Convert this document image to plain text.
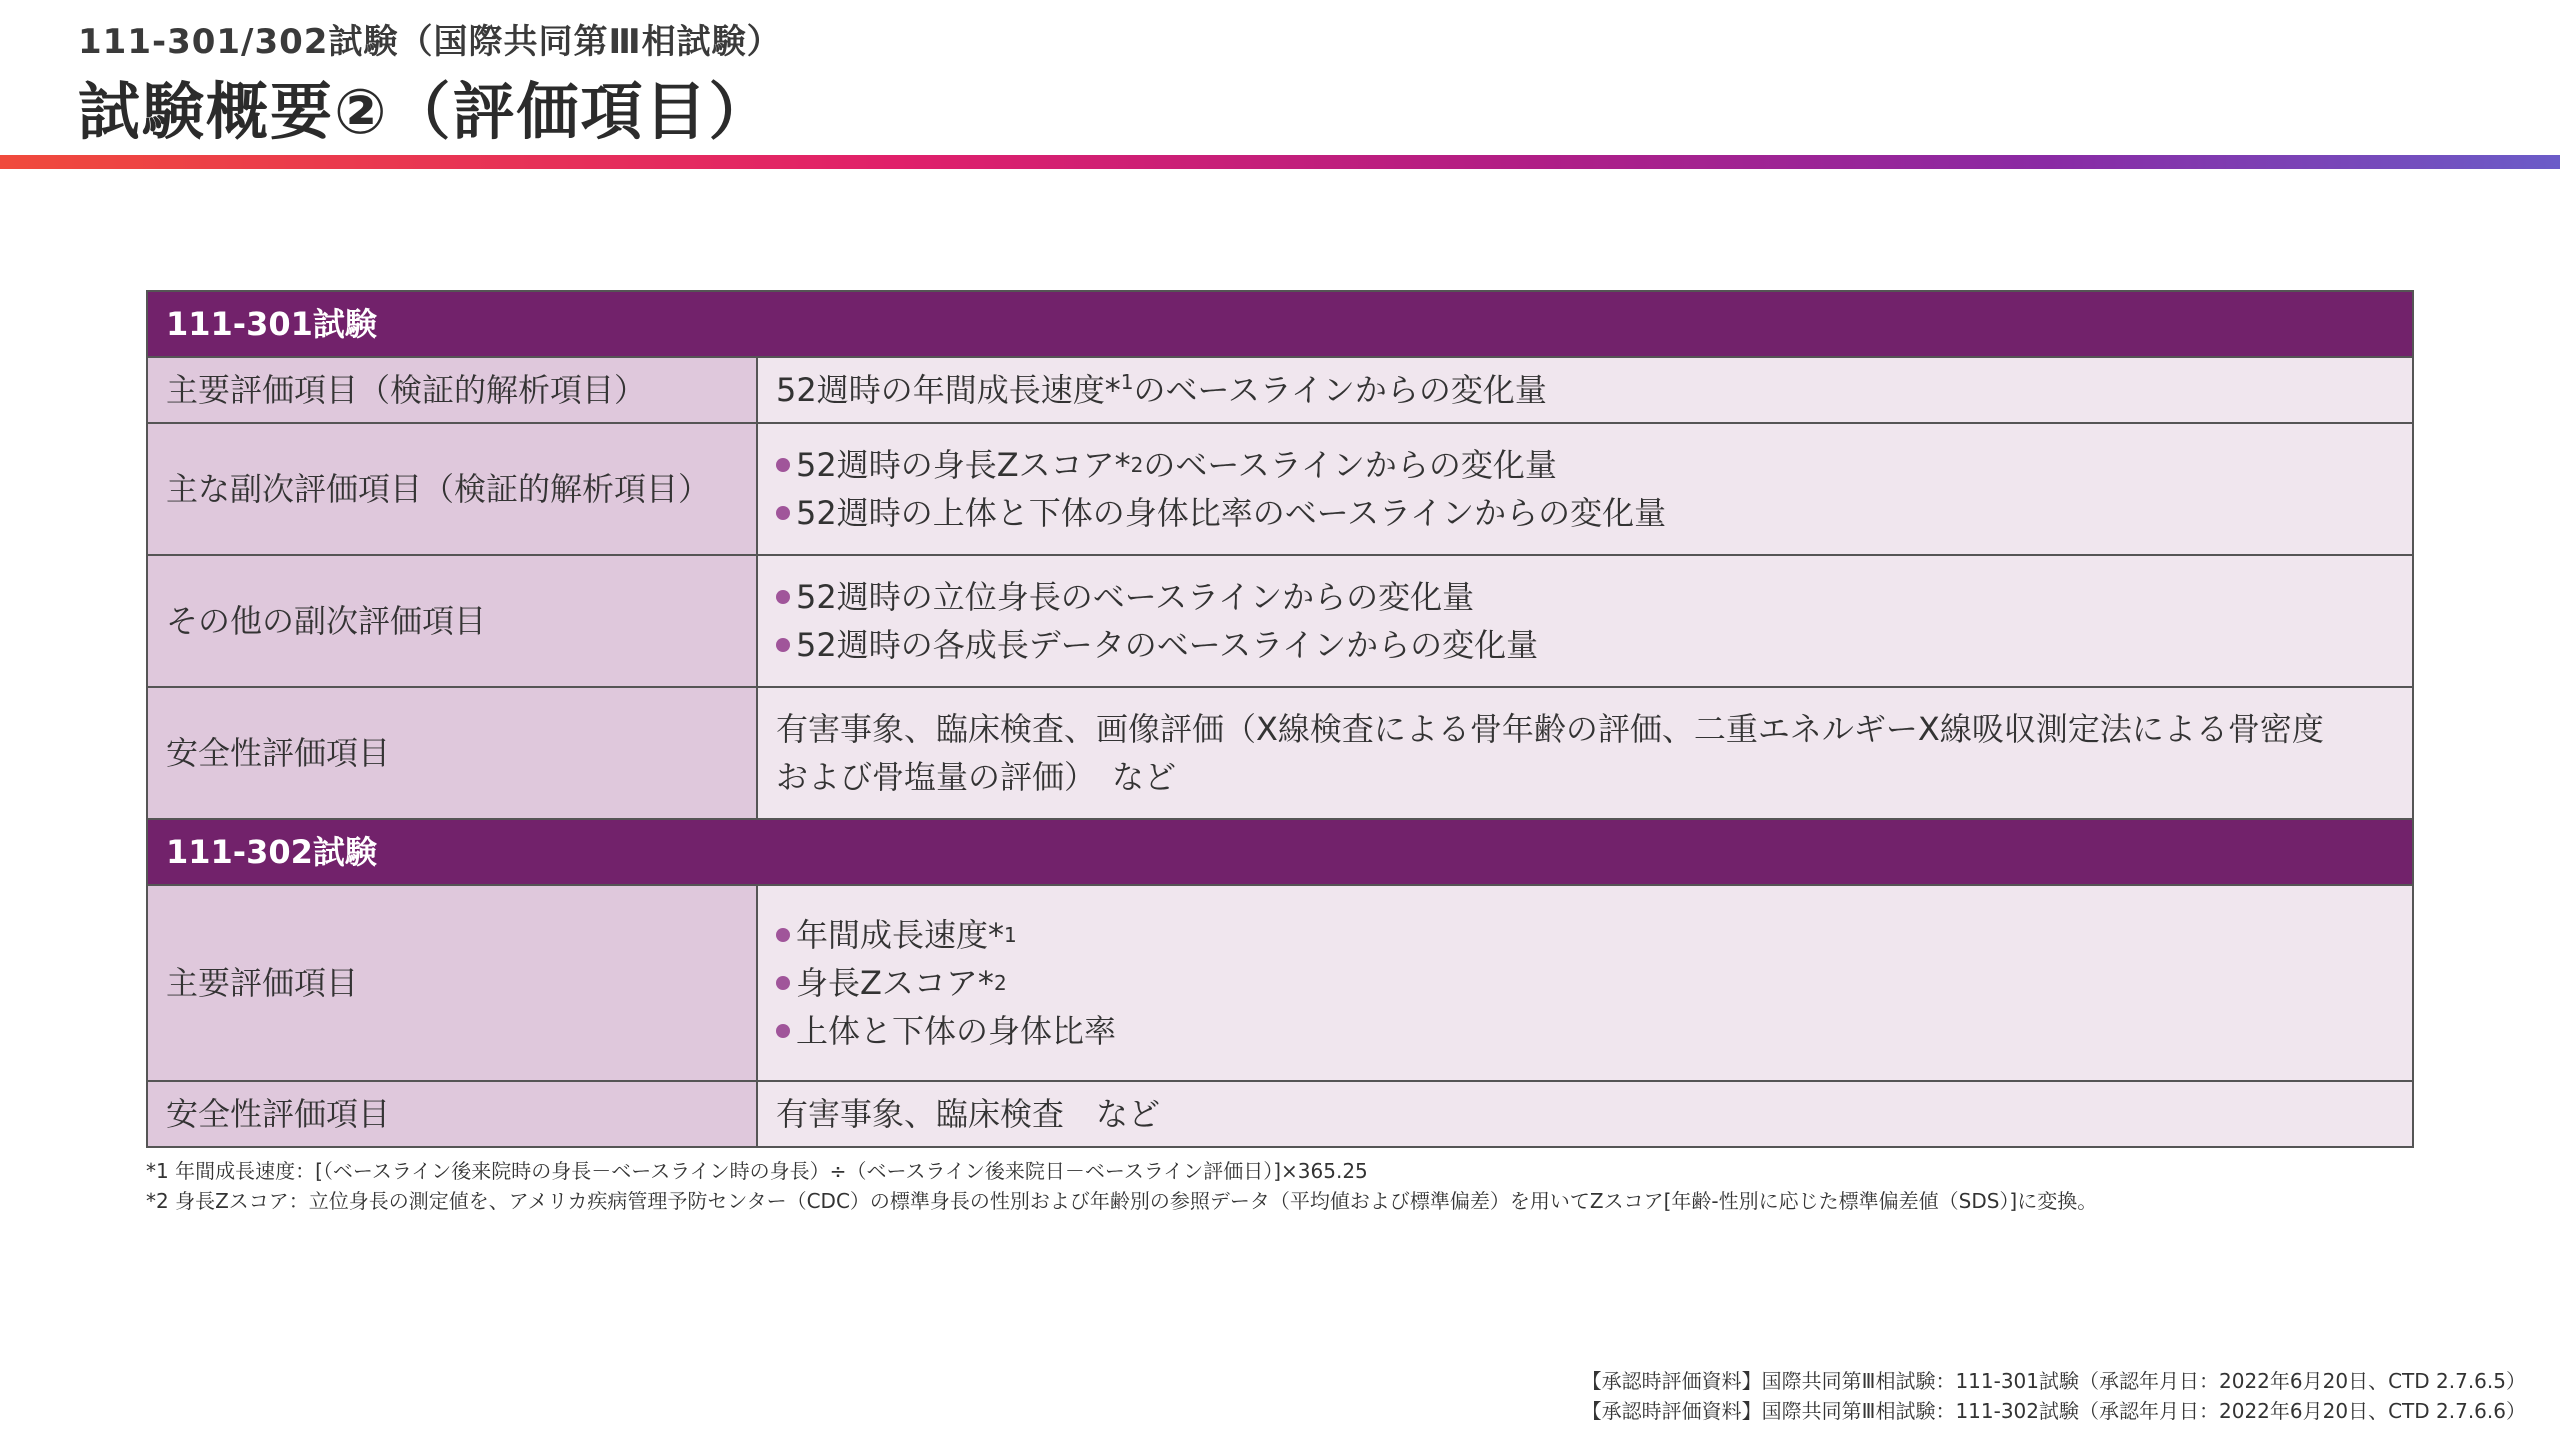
111-301/302試験（国際共同第Ⅲ相試験）
試験概要②（評価項目）
111-301試験	
主要評価項目（検証的解析項目）	52週時の年間成長速度*$^1$のベースラインからの変化量
主な副次評価項目（検証的解析項目）	52週時の身長Zスコア* 2 のベースラインからの変化量
52週時の上体と下体の身体比率のベースラインからの変化量

その他の副次評価項目	52週時の立位身長のベースラインからの変化量
52週時の各成長データのベースラインからの変化量

安全性評価項目	有害事象、臨床検査、画像評価（X線検査による骨年齢の評価、二重エネルギーX線吸収測定法による骨密度
および骨塩量の評価）　など

111-302試験	
主要評価項目	年間成長速度* 1
身長Zスコア* 2
上体と下体の身体比率

安全性評価項目	有害事象、臨床検査　など
*1 年間成長速度：[（ベースライン後来院時の身長－ベースライン時の身長）÷（ベースライン後来院日－ベースライン評価日）]×365.25
*2 身長Zスコア：立位身長の測定値を、アメリカ疾病管理予防センター（CDC）の標準身長の性別および年齢別の参照データ（平均値および標準偏差）を用いてZスコア[年齢-性別に応じた標準偏差値（SDS）]に変換。
【承認時評価資料】国際共同第Ⅲ相試験：111-301試験（承認年月日：2022年6月20日、CTD 2.7.6.5）
【承認時評価資料】国際共同第Ⅲ相試験：111-302試験（承認年月日：2022年6月20日、CTD 2.7.6.6）
